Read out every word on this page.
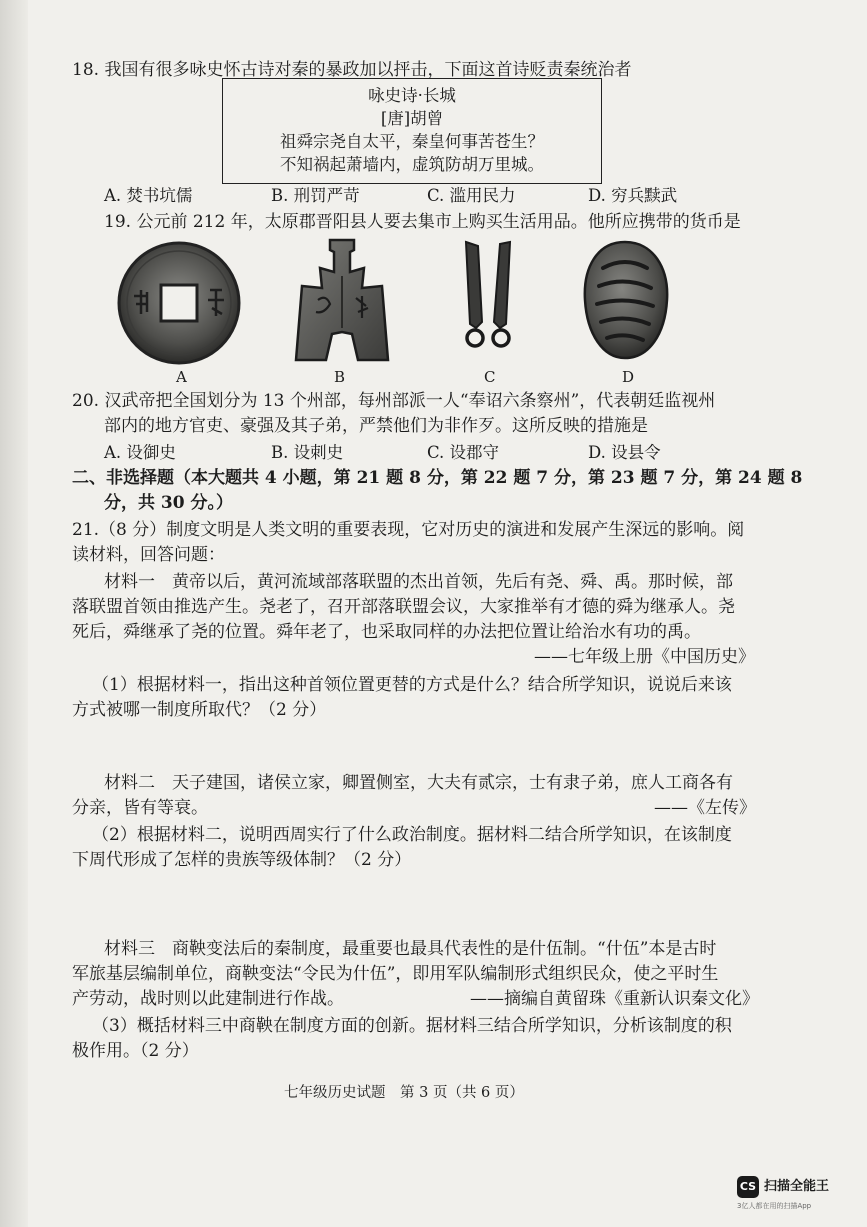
18. 我国有很多咏史怀古诗对秦的暴政加以抨击，下面这首诗贬责秦统治者
咏史诗·长城
[唐]胡曾
祖舜宗尧自太平，秦皇何事苦苍生？
不知祸起萧墙内，虚筑防胡万里城。
A. 焚书坑儒	B. 刑罚严苛	C. 滥用民力	D. 穷兵黩武
19. 公元前 212 年，太原郡晋阳县人要去集市上购买生活用品。他所应携带的货币是
A	B	C	D
20. 汉武帝把全国划分为 13 个州部，每州部派一人“奉诏六条察州”，代表朝廷监视州
部内的地方官吏、豪强及其子弟，严禁他们为非作歹。这所反映的措施是
A. 设御史	B. 设刺史	C. 设郡守	D. 设县令
二、非选择题（本大题共 4 小题，第 21 题 8 分，第 22 题 7 分，第 23 题 7 分，第 24 题 8
分，共 30 分。）
21.（8 分）制度文明是人类文明的重要表现，它对历史的演进和发展产生深远的影响。阅
读材料，回答问题：
材料一　黄帝以后，黄河流域部落联盟的杰出首领，先后有尧、舜、禹。那时候，部
落联盟首领由推选产生。尧老了，召开部落联盟会议，大家推举有才德的舜为继承人。尧
死后，舜继承了尧的位置。舜年老了，也采取同样的办法把位置让给治水有功的禹。
——七年级上册《中国历史》
（1）根据材料一，指出这种首领位置更替的方式是什么？结合所学知识，说说后来该
方式被哪一制度所取代？（2 分）
材料二　天子建国，诸侯立家，卿置侧室，大夫有贰宗，士有隶子弟，庶人工商各有
分亲，皆有等衰。	——《左传》
（2）根据材料二，说明西周实行了什么政治制度。据材料二结合所学知识，在该制度
下周代形成了怎样的贵族等级体制？（2 分）
材料三　商鞅变法后的秦制度，最重要也最具代表性的是什伍制。“什伍”本是古时
军旅基层编制单位，商鞅变法“令民为什伍”，即用军队编制形式组织民众，使之平时生
产劳动，战时则以此建制进行作战。	——摘编自黄留珠《重新认识秦文化》
（3）概括材料三中商鞅在制度方面的创新。据材料三结合所学知识，分析该制度的积
极作用。（2 分）
七年级历史试题　第 3 页（共 6 页）
CS 扫描全能王
3亿人都在用的扫描App
